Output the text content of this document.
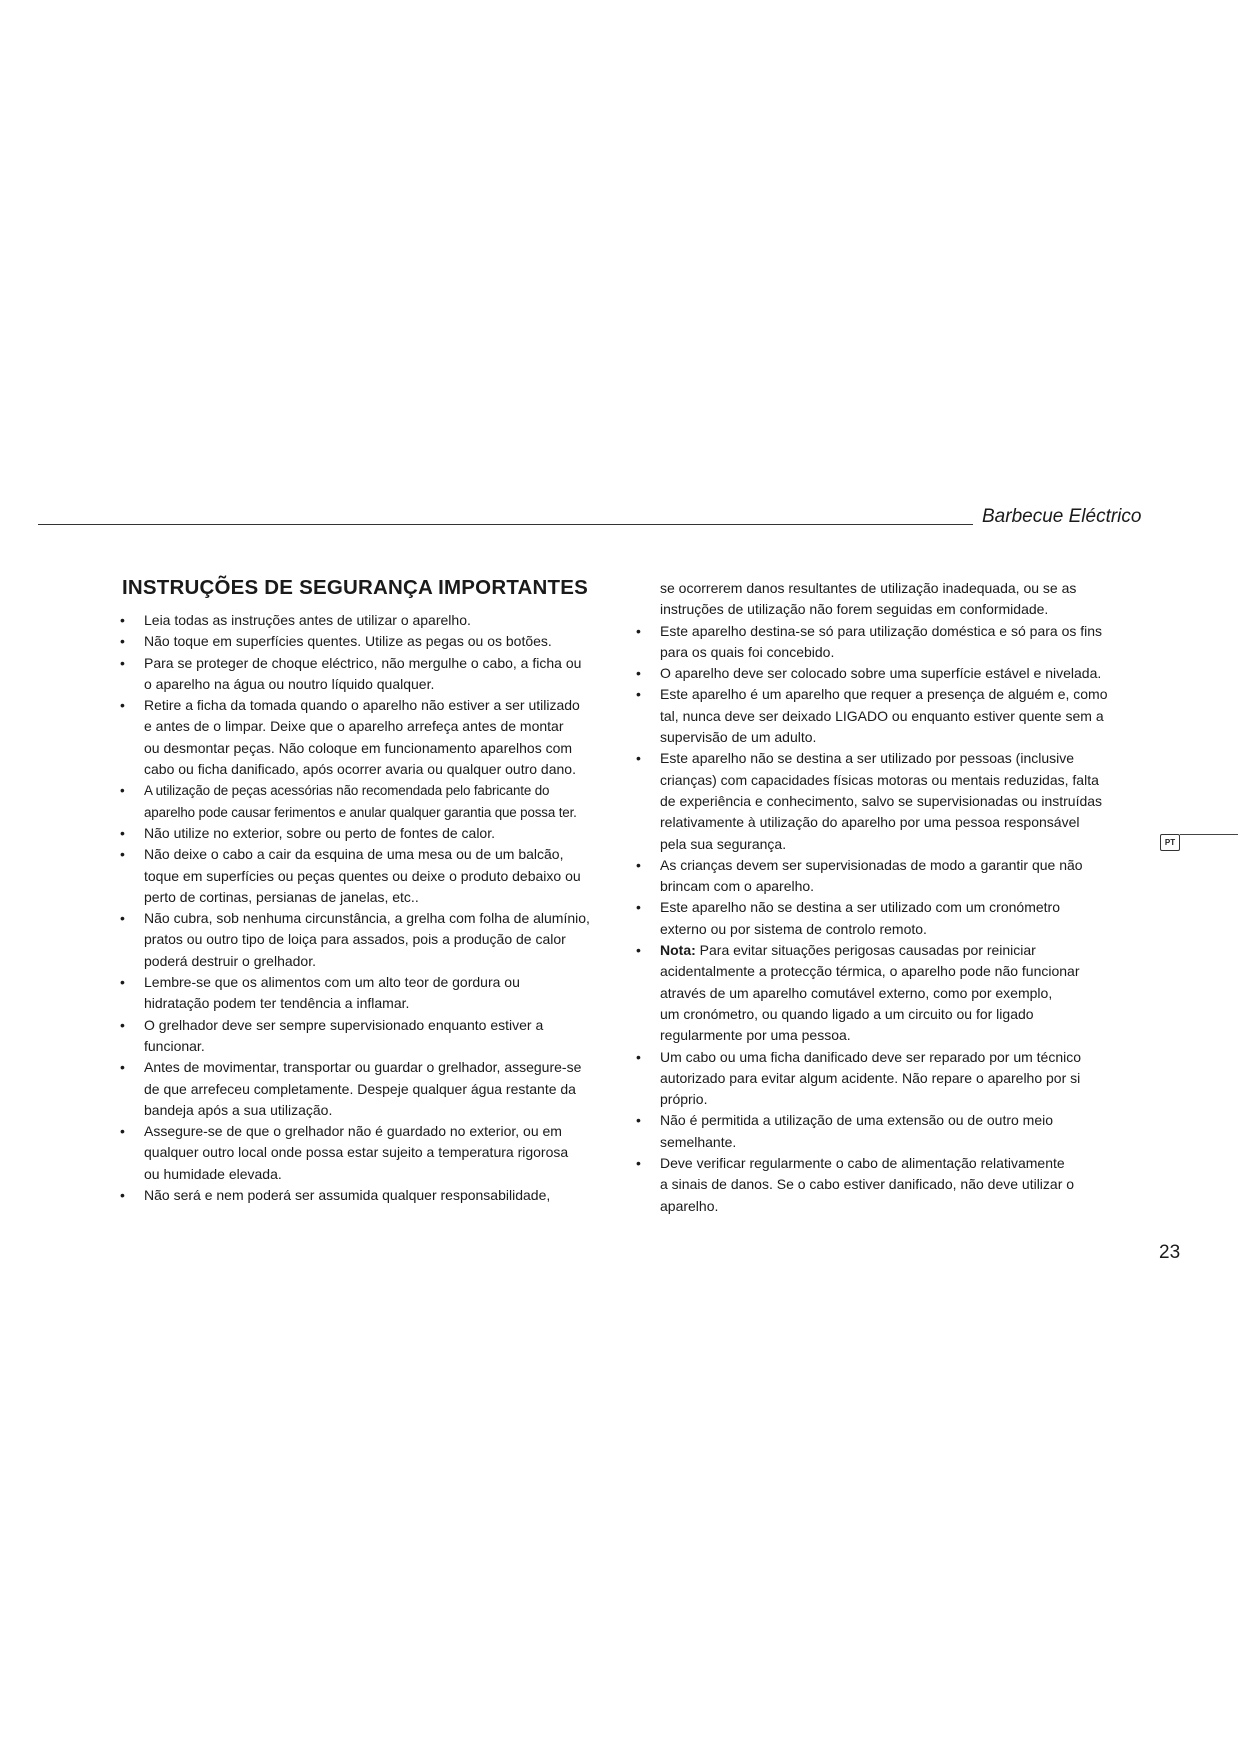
Barbecue Eléctrico
INSTRUÇÕES DE SEGURANÇA IMPORTANTES
•	Leia todas as instruções antes de utilizar o aparelho.
•	Não toque em superfícies quentes. Utilize as pegas ou os botões.
•	Para se proteger de choque eléctrico, não mergulhe o cabo, a ficha ou
o aparelho na água ou noutro líquido qualquer.
•	Retire a ficha da tomada quando o aparelho não estiver a ser utilizado
e antes de o limpar. Deixe que o aparelho arrefeça antes de montar
ou desmontar peças. Não coloque em funcionamento aparelhos com
cabo ou ficha danificado, após ocorrer avaria ou qualquer outro dano.
•	A utilização de peças acessórias não recomendada pelo fabricante do
aparelho pode causar ferimentos e anular qualquer garantia que possa ter.
•	Não utilize no exterior, sobre ou perto de fontes de calor.
•	Não deixe o cabo a cair da esquina de uma mesa ou de um balcão,
toque em superfícies ou peças quentes ou deixe o produto debaixo ou
perto de cortinas, persianas de janelas, etc..
•	Não cubra, sob nenhuma circunstância, a grelha com folha de alumínio,
pratos ou outro tipo de loiça para assados, pois a produção de calor
poderá destruir o grelhador.
•	Lembre-se que os alimentos com um alto teor de gordura ou
hidratação podem ter tendência a inflamar.
•	O grelhador deve ser sempre supervisionado enquanto estiver a
funcionar.
•	Antes de movimentar, transportar ou guardar o grelhador, assegure-se
de que arrefeceu completamente. Despeje qualquer água restante da
bandeja após a sua utilização.
•	Assegure-se de que o grelhador não é guardado no exterior, ou em
qualquer outro local onde possa estar sujeito a temperatura rigorosa
ou humidade elevada.
•	Não será e nem poderá ser assumida qualquer responsabilidade,
se ocorrerem danos resultantes de utilização inadequada, ou se as
instruções de utilização não forem seguidas em conformidade.
•	Este aparelho destina-se só para utilização doméstica e só para os fins
para os quais foi concebido.
•	O aparelho deve ser colocado sobre uma superfície estável e nivelada.
•	Este aparelho é um aparelho que requer a presença de alguém e, como
tal, nunca deve ser deixado LIGADO ou enquanto estiver quente sem a
supervisão de um adulto.
•	Este aparelho não se destina a ser utilizado por pessoas (inclusive
crianças) com capacidades físicas motoras ou mentais reduzidas, falta
de experiência e conhecimento, salvo se supervisionadas ou instruídas
relativamente à utilização do aparelho por uma pessoa responsável
pela sua segurança.
•	As crianças devem ser supervisionadas de modo a garantir que não
brincam com o aparelho.
•	Este aparelho não se destina a ser utilizado com um cronómetro
externo ou por sistema de controlo remoto.
•	Nota: Para evitar situações perigosas causadas por reiniciar
acidentalmente a protecção térmica, o aparelho pode não funcionar
através de um aparelho comutável externo, como por exemplo,
um cronómetro, ou quando ligado a um circuito ou for ligado
regularmente por uma pessoa.
•	Um cabo ou uma ficha danificado deve ser reparado por um técnico
autorizado para evitar algum acidente. Não repare o aparelho por si
próprio.
•	Não é permitida a utilização de uma extensão ou de outro meio
semelhante.
•	Deve verificar regularmente o cabo de alimentação relativamente
a sinais de danos. Se o cabo estiver danificado, não deve utilizar o
aparelho.
PT
23
